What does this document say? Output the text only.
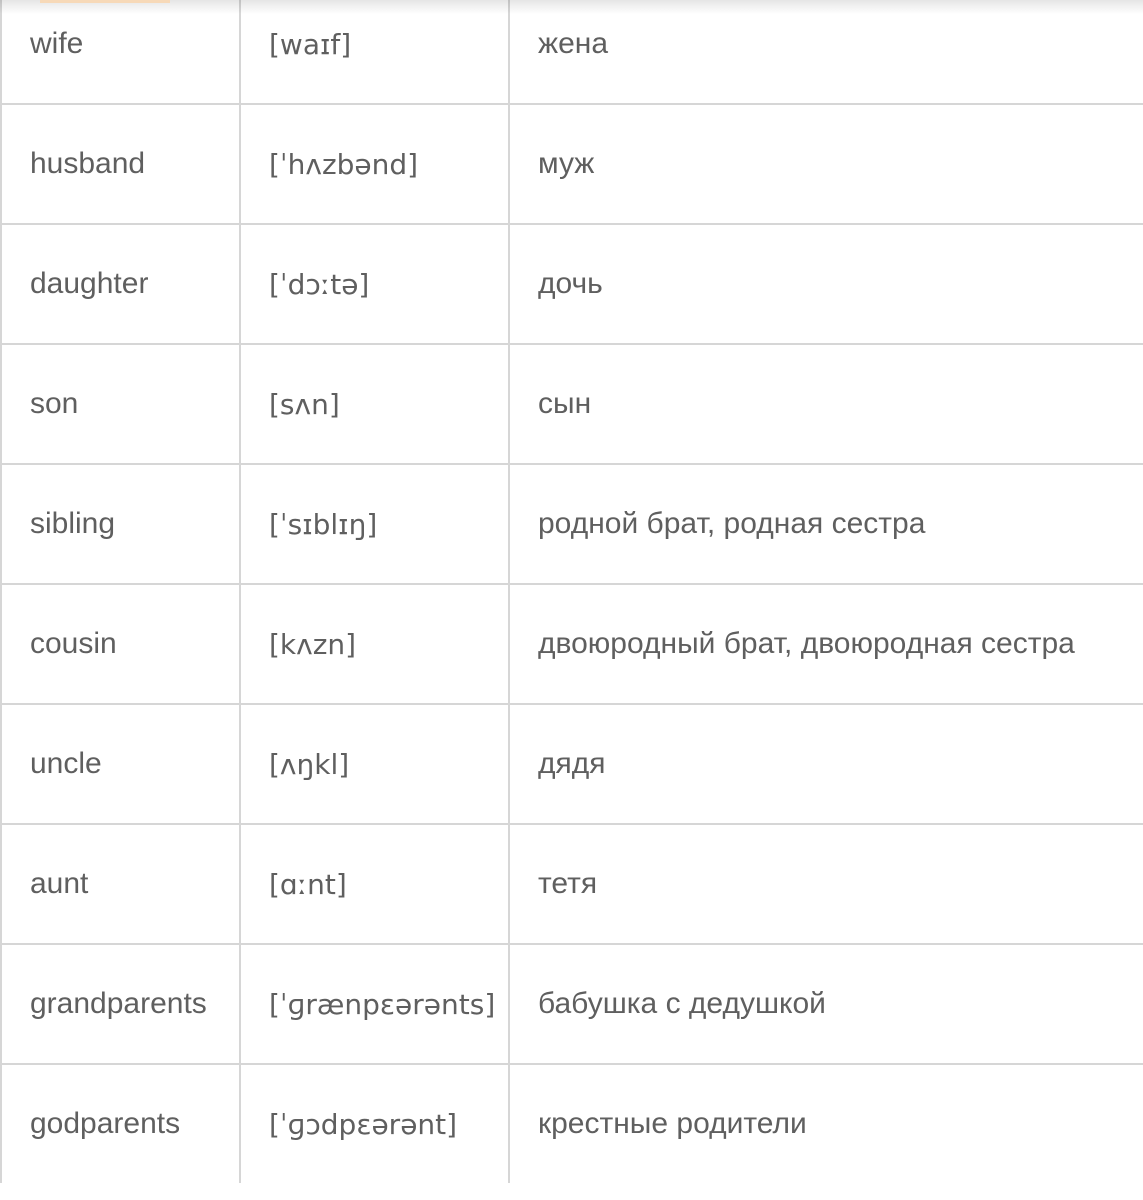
wife	[waɪf]	жена
husband	[ˈhʌzbənd]	муж
daughter	[ˈdɔːtə]	дочь
son	[sʌn]	сын
sibling	[ˈsɪblɪŋ]	родной брат, родная сестра
cousin	[kʌzn]	двоюродный брат, двоюродная сестра
uncle	[ʌŋkl]	дядя
aunt	[ɑːnt]	тетя
grandparents	[ˈɡrænpɛərənts]	бабушка с дедушкой
godparents	[ˈɡɔdpɛərənt]	крестные родители
